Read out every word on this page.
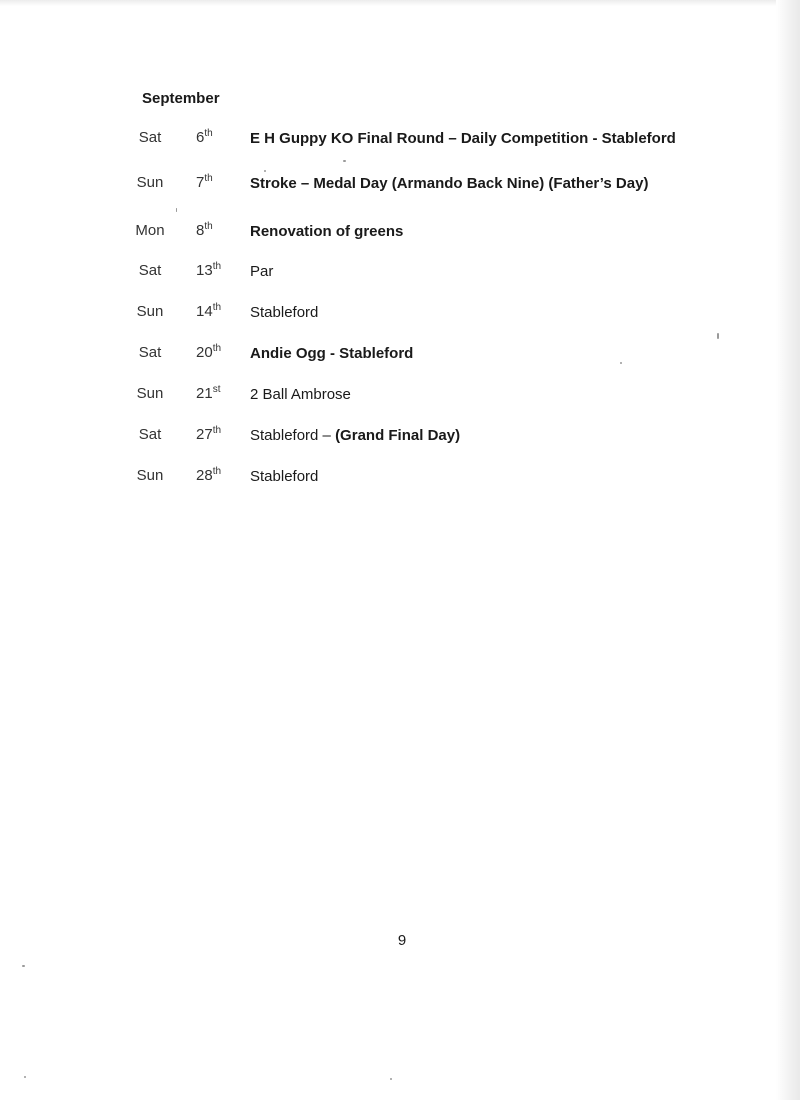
September
Sat	6th E H Guppy KO Final Round – Daily Competition - Stableford
Sun	7th Stroke – Medal Day (Armando Back Nine) (Father’s Day)
Mon	8th Renovation of greens
Sat	13th Par
Sun	14th Stableford
Sat	20th Andie Ogg - Stableford
Sun	21st 2 Ball Ambrose
Sat	27th Stableford – (Grand Final Day)
Sun	28th Stableford
9
